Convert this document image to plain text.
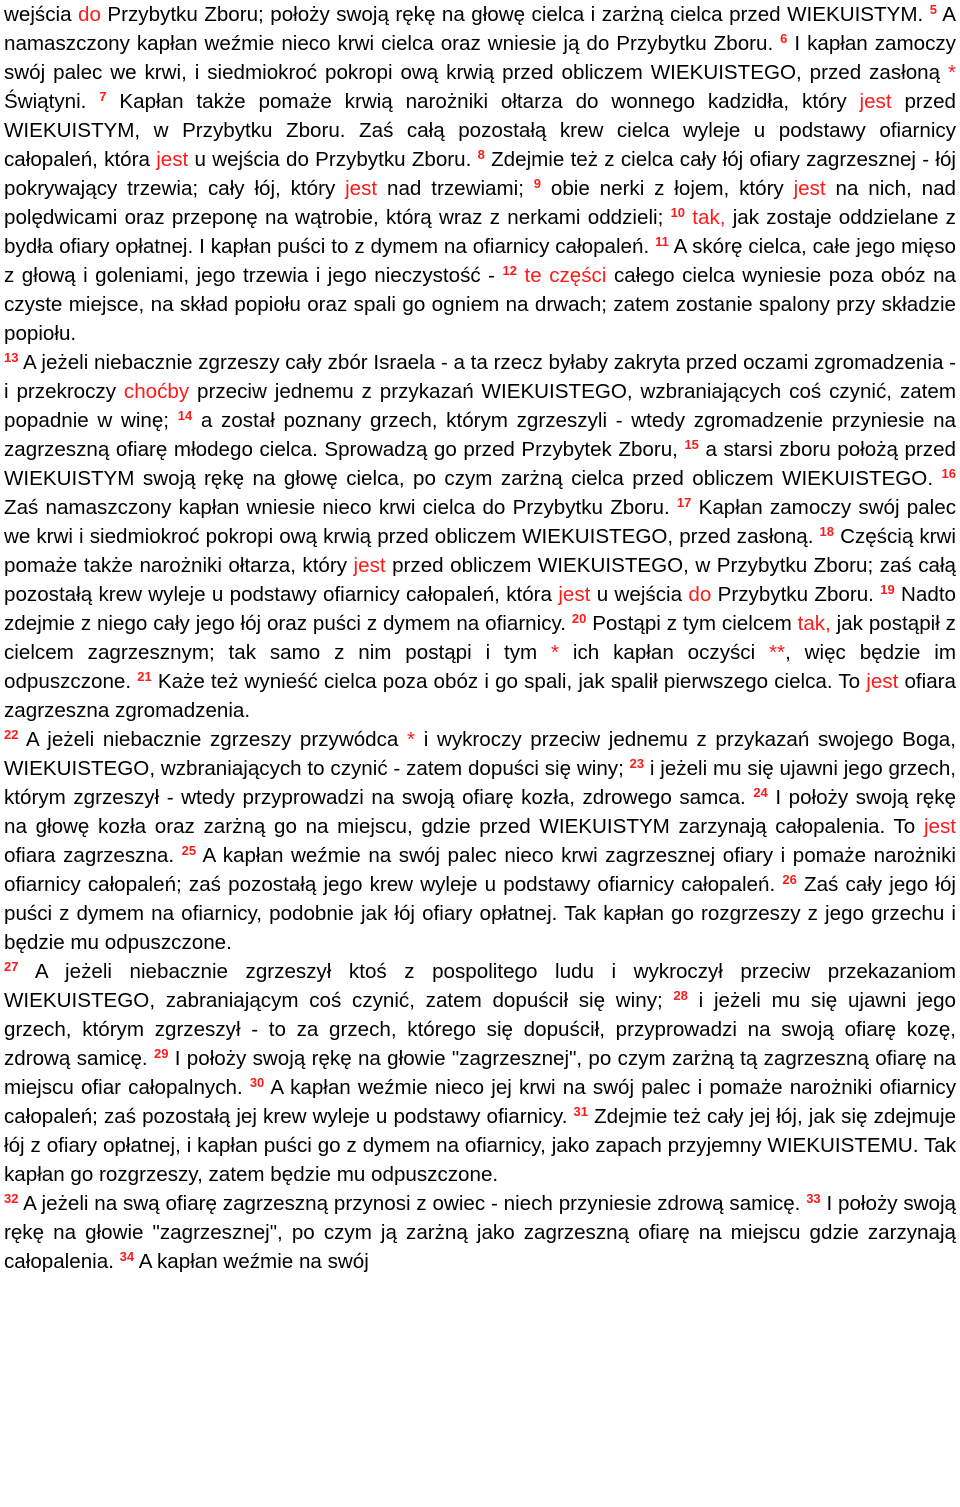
wejścia do Przybytku Zboru; położy swoją rękę na głowę cielca i zarżną cielca przed WIEKUISTYM. $^5$ A namaszczony kapłan weźmie nieco krwi cielca oraz wniesie ją do Przybytku Zboru. $^6$ I kapłan zamoczy swój palec we krwi, i siedmiokroć pokropi ową krwią przed obliczem WIEKUISTEGO, przed zasłoną * Świątyni. $^7$ Kapłan także pomaże krwią narożniki ołtarza do wonnego kadzidła, który jest przed WIEKUISTYM, w Przybytku Zboru. Zaś całą pozostałą krew cielca wyleje u podstawy ofiarnicy całopaleń, która jest u wejścia do Przybytku Zboru. $^8$ Zdejmie też z cielca cały łój ofiary zagrzesznej - łój pokrywający trzewia; cały łój, który jest nad trzewiami; $^9$ obie nerki z łojem, który jest na nich, nad polędwicami oraz przeponę na wątrobie, którą wraz z nerkami oddzieli; $^{10}$ tak, jak zostaje oddzielane z bydła ofiary opłatnej. I kapłan puści to z dymem na ofiarnicy całopaleń. $^{11}$ A skórę cielca, całe jego mięso z głową i goleniami, jego trzewia i jego nieczystość - $^{12}$ te części całego cielca wyniesie poza obóz na czyste miejsce, na skład popiołu oraz spali go ogniem na drwach; zatem zostanie spalony przy składzie popiołu.

$^{13}$ A jeżeli niebacznie zgrzeszy cały zbór Israela - a ta rzecz byłaby zakryta przed oczami zgromadzenia - i przekroczy choćby przeciw jednemu z przykazań WIEKUISTEGO, wzbraniających coś czynić, zatem popadnie w winę; $^{14}$ a został poznany grzech, którym zgrzeszyli - wtedy zgromadzenie przyniesie na zagrzeszną ofiarę młodego cielca. Sprowadzą go przed Przybytek Zboru, $^{15}$ a starsi zboru położą przed WIEKUISTYM swoją rękę na głowę cielca, po czym zarżną cielca przed obliczem WIEKUISTEGO. $^{16}$ Zaś namaszczony kapłan wniesie nieco krwi cielca do Przybytku Zboru. $^{17}$ Kapłan zamoczy swój palec we krwi i siedmiokroć pokropi ową krwią przed obliczem WIEKUISTEGO, przed zasłoną. $^{18}$ Częścią krwi pomaże także narożniki ołtarza, który jest przed obliczem WIEKUISTEGO, w Przybytku Zboru; zaś całą pozostałą krew wyleje u podstawy ofiarnicy całopaleń, która jest u wejścia do Przybytku Zboru. $^{19}$ Nadto zdejmie z niego cały jego łój oraz puści z dymem na ofiarnicy. $^{20}$ Postąpi z tym cielcem tak, jak postąpił z cielcem zagrzesznym; tak samo z nim postąpi i tym * ich kapłan oczyści **, więc będzie im odpuszczone. $^{21}$ Każe też wynieść cielca poza obóz i go spali, jak spalił pierwszego cielca. To jest ofiara zagrzeszna zgromadzenia.

$^{22}$ A jeżeli niebacznie zgrzeszy przywódca * i wykroczy przeciw jednemu z przykazań swojego Boga, WIEKUISTEGO, wzbraniających to czynić - zatem dopuści się winy; $^{23}$ i jeżeli mu się ujawni jego grzech, którym zgrzeszył - wtedy przyprowadzi na swoją ofiarę kozła, zdrowego samca. $^{24}$ I położy swoją rękę na głowę kozła oraz zarżną go na miejscu, gdzie przed WIEKUISTYM zarzynają całopalenia. To jest ofiara zagrzeszna. $^{25}$ A kapłan weźmie na swój palec nieco krwi zagrzesznej ofiary i pomaże narożniki ofiarnicy całopaleń; zaś pozostałą jego krew wyleje u podstawy ofiarnicy całopaleń. $^{26}$ Zaś cały jego łój puści z dymem na ofiarnicy, podobnie jak łój ofiary opłatnej. Tak kapłan go rozgrzeszy z jego grzechu i będzie mu odpuszczone.

$^{27}$ A jeżeli niebacznie zgrzeszył ktoś z pospolitego ludu i wykroczył przeciw przekazaniom WIEKUISTEGO, zabraniającym coś czynić, zatem dopuścił się winy; $^{28}$ i jeżeli mu się ujawni jego grzech, którym zgrzeszył - to za grzech, którego się dopuścił, przyprowadzi na swoją ofiarę kozę, zdrową samicę. $^{29}$ I położy swoją rękę na głowie "zagrzesznej", po czym zarżną tą zagrzeszną ofiarę na miejscu ofiar całopalnych. $^{30}$ A kapłan weźmie nieco jej krwi na swój palec i pomaże narożniki ofiarnicy całopaleń; zaś pozostałą jej krew wyleje u podstawy ofiarnicy. $^{31}$ Zdejmie też cały jej łój, jak się zdejmuje łój z ofiary opłatnej, i kapłan puści go z dymem na ofiarnicy, jako zapach przyjemny WIEKUISTEMU. Tak kapłan go rozgrzeszy, zatem będzie mu odpuszczone.

$^{32}$ A jeżeli na swą ofiarę zagrzeszną przynosi z owiec - niech przyniesie zdrową samicę. $^{33}$ I położy swoją rękę na głowie "zagrzesznej", po czym ją zarżną jako zagrzeszną ofiarę na miejscu gdzie zarzynają całopalenia. $^{34}$ A kapłan weźmie na swój
